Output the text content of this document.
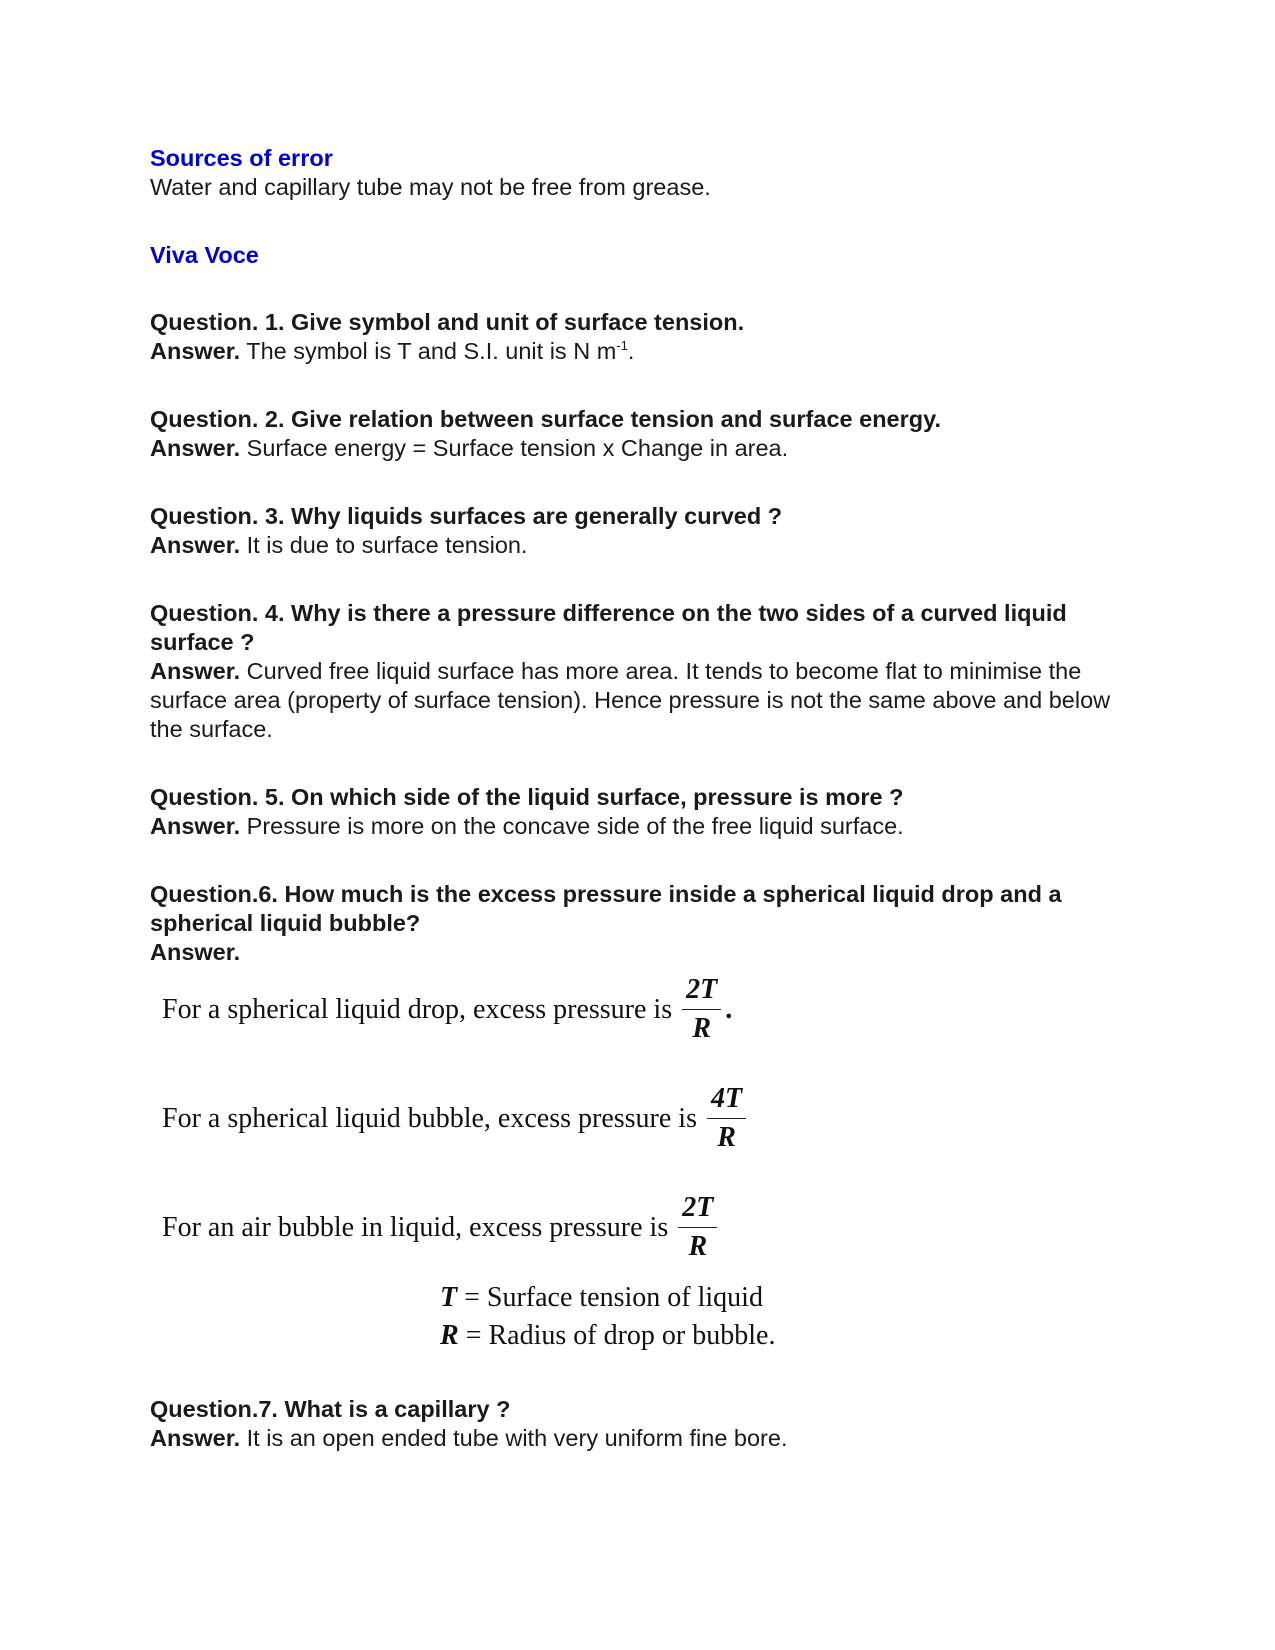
Sources of error

Water and capillary tube may not be free from grease.

Viva Voce

Question. 1. Give symbol and unit of surface tension.

Answer. The symbol is T and S.I. unit is N $m^{-1}$.

Question. 2. Give relation between surface tension and surface energy.

Answer. Surface energy = Surface tension x Change in area.

Question. 3. Why liquids surfaces are generally curved ?

Answer. It is due to surface tension.

Question. 4. Why is there a pressure difference on the two sides of a curved liquid surface ?

Answer. Curved free liquid surface has more area. It tends to become flat to minimise the surface area (property of surface tension). Hence pressure is not the same above and below the surface.

Question. 5. On which side of the liquid surface, pressure is more ?

Answer. Pressure is more on the concave side of the free liquid surface.

Question.6. How much is the excess pressure inside a spherical liquid drop and a spherical liquid bubble?

Answer.

For a spherical liquid drop, excess pressure is $\frac{2T}{R}$ .
For a spherical liquid bubble, excess pressure is $\frac{4T}{R}$
For an air bubble in liquid, excess pressure is $\frac{2T}{R}$
T = Surface tension of liquid
R = Radius of drop or bubble.

Question.7. What is a capillary ?

Answer. It is an open ended tube with very uniform fine bore.
